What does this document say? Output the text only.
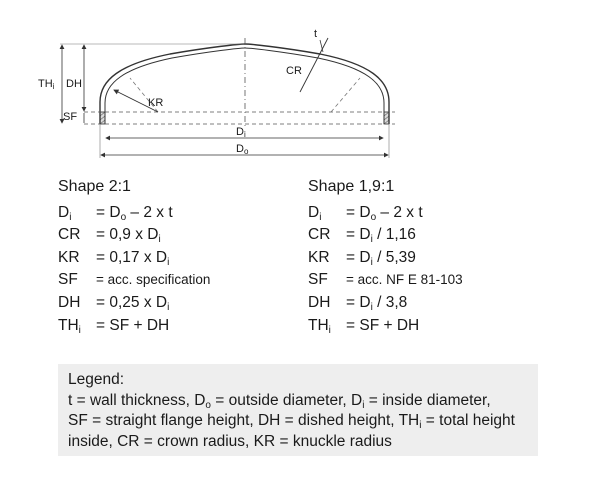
KR
CR
t
THi DH
SF
Di
Do
Shape 2:1
$D_i$	= $D_o - 2$ x t
CR	= 0,9 x $D_i$
KR	= 0,17 x $D_i$
SF	= acc. specification
DH	= 0,25 x $D_i$
$TH_i$ = SF + DH
Shape 1,9:1
$D_i$	= $D_o - 2$ x t
CR	= $D_i / 1,16$
KR	= $D_i / 5,39$
SF	= acc. NF E 81-103
DH	= $D_i / 3,8$
$TH_i$ = SF + DH

Legend:

t = wall thickness, $D_o$ = outside diameter, $D_i$ = inside diameter,

SF = straight flange height, DH = dished height, $TH_i$ = total height

inside, CR = crown radius, KR = knuckle radius
